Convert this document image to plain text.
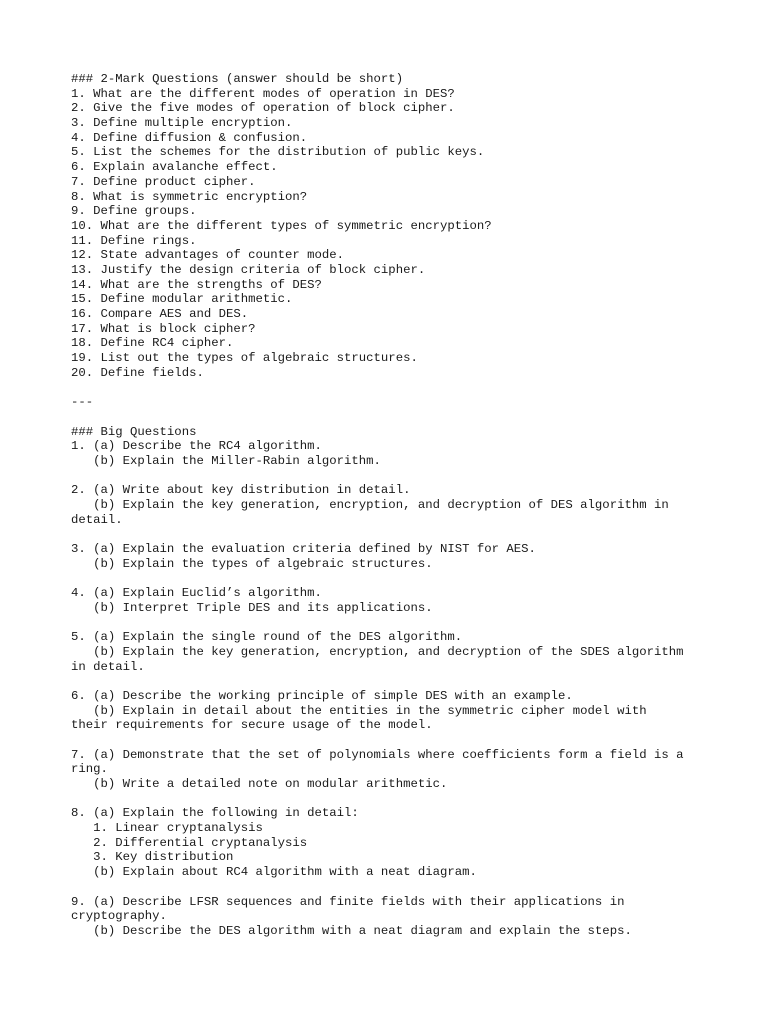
### 2-Mark Questions (answer should be short)
1. What are the different modes of operation in DES?
2. Give the five modes of operation of block cipher.
3. Define multiple encryption.
4. Define diffusion & confusion.
5. List the schemes for the distribution of public keys.
6. Explain avalanche effect.
7. Define product cipher.
8. What is symmetric encryption?
9. Define groups.
10. What are the different types of symmetric encryption?
11. Define rings.
12. State advantages of counter mode.
13. Justify the design criteria of block cipher.
14. What are the strengths of DES?
15. Define modular arithmetic.
16. Compare AES and DES.
17. What is block cipher?
18. Define RC4 cipher.
19. List out the types of algebraic structures.
20. Define fields.
---
### Big Questions
1. (a) Describe the RC4 algorithm.
(b) Explain the Miller-Rabin algorithm.
2. (a) Write about key distribution in detail.
(b) Explain the key generation, encryption, and decryption of DES algorithm in
detail.
3. (a) Explain the evaluation criteria defined by NIST for AES.
(b) Explain the types of algebraic structures.
4. (a) Explain Euclid’s algorithm.
(b) Interpret Triple DES and its applications.
5. (a) Explain the single round of the DES algorithm.
(b) Explain the key generation, encryption, and decryption of the SDES algorithm
in detail.
6. (a) Describe the working principle of simple DES with an example.
(b) Explain in detail about the entities in the symmetric cipher model with
their requirements for secure usage of the model.
7. (a) Demonstrate that the set of polynomials where coefficients form a field is a
ring.
(b) Write a detailed note on modular arithmetic.
8. (a) Explain the following in detail:
1. Linear cryptanalysis
2. Differential cryptanalysis
3. Key distribution
(b) Explain about RC4 algorithm with a neat diagram.
9. (a) Describe LFSR sequences and finite fields with their applications in
cryptography.
(b) Describe the DES algorithm with a neat diagram and explain the steps.
